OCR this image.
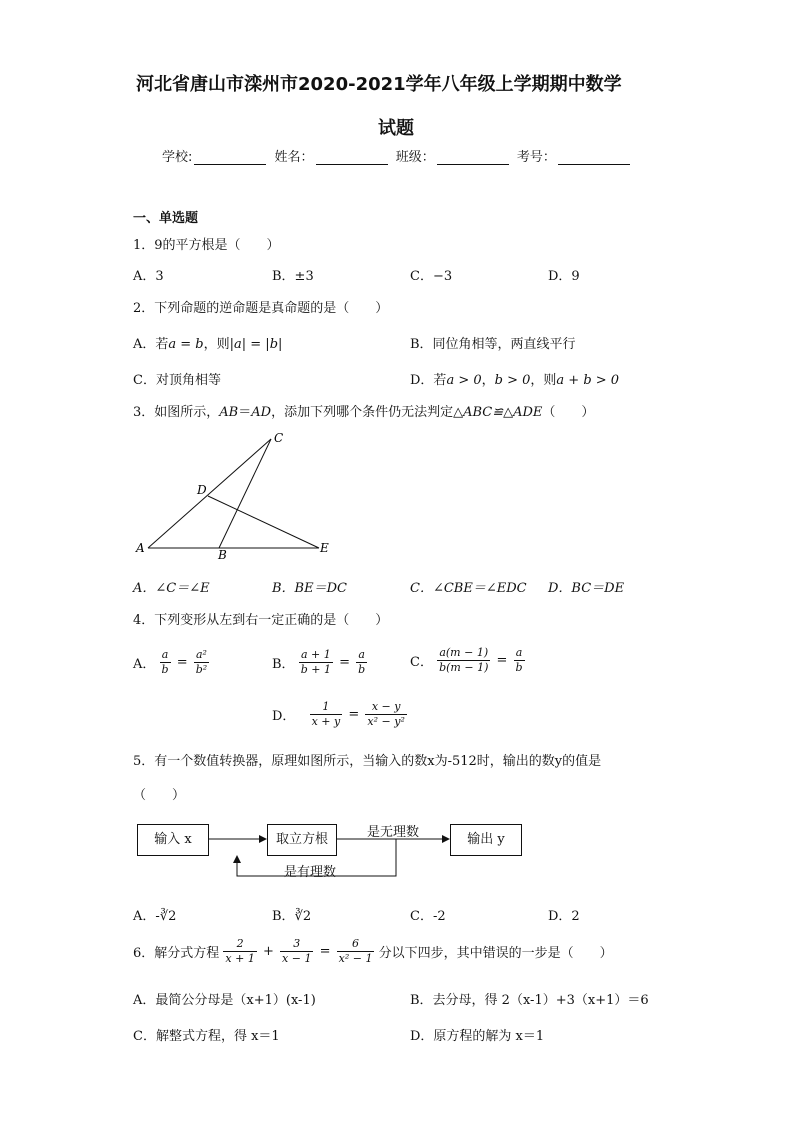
河北省唐山市滦州市2020-2021学年八年级上学期期中数学
试题
学校:	姓名：	班级：	考号：
一、单选题
1．9的平方根是（　　）
A．3	B．±3	C．−3	D．9
2．下列命题的逆命题是真命题的是（　　）
A．若a = b，则|a| = |b|	B．同位角相等，两直线平行
C．对顶角相等	D．若a > 0，b > 0，则a + b > 0
3．如图所示，AB＝AD，添加下列哪个条件仍无法判定△ABC≌△ADE（　　）
A	B
C
D
E
A．∠C＝∠E	B．BE＝DC	C．∠CBE＝∠EDC D．BC＝DE
4．下列变形从左到右一定正确的是（　　）
A． $\frac{a}{b} = \frac{\text{a²}}{\text{b²}}$	B． $\frac{a + 1}{b + 1} = \frac{a}{b}$	C． $\frac{a(m - 1)}{b(m - 1)} = \frac{a}{b}$
D． $\frac{1}{x + y} = \frac{x - y}{\text{x² − y²}}$
5．有一个数值转换器，原理如图所示，当输入的数x为-512时，输出的数y的值是
（　　）
输入 x	取立方根	输出 y
是无理数
是有理数
A．-∛2	B．∛2	C．-2	D．2
6．解分式方程 $\frac{2}{x + 1} + \frac{3}{x - 1} = \frac{6}{\text{x² − 1}}$ 分以下四步，其中错误的一步是（　　）
A．最简公分母是（x+1）(x-1)	B．去分母，得 2（x-1）+3（x+1）＝6
C．解整式方程，得 x＝1	D．原方程的解为 x＝1
